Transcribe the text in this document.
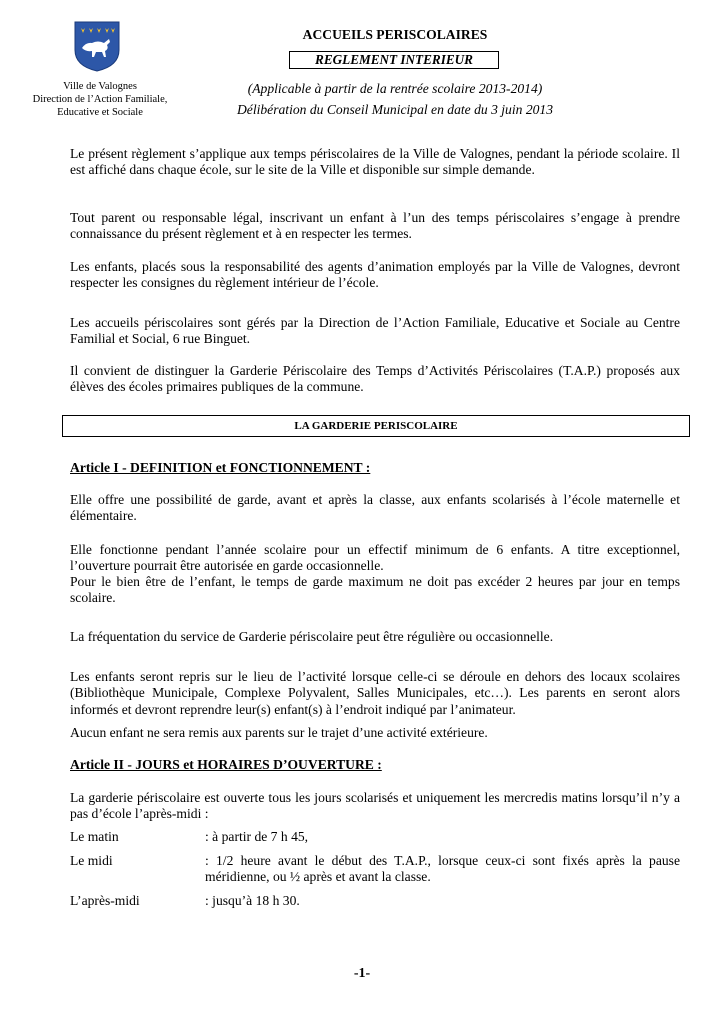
Ville de Valognes
Direction de l’Action Familiale,
Educative et Sociale
ACCUEILS PERISCOLAIRES
REGLEMENT INTERIEUR
(Applicable à partir de la rentrée scolaire 2013-2014)
Délibération du Conseil Municipal en date du 3 juin 2013

Le présent règlement s’applique aux temps périscolaires de la Ville de Valognes, pendant la période scolaire. Il est affiché dans chaque école, sur le site de la Ville et disponible sur simple demande.

Tout parent ou responsable légal, inscrivant un enfant à l’un des temps périscolaires s’engage à prendre connaissance du présent règlement et à en respecter les termes.

Les enfants, placés sous la responsabilité des agents d’animation employés par la Ville de Valognes, devront respecter les consignes du règlement intérieur de l’école.

Les accueils périscolaires sont gérés par la Direction de l’Action Familiale, Educative et Sociale au Centre Familial et Social, 6 rue Binguet.

Il convient de distinguer la Garderie Périscolaire des Temps d’Activités Périscolaires (T.A.P.) proposés aux élèves des écoles primaires publiques de la commune.

LA GARDERIE PERISCOLAIRE
Article I - DEFINITION et FONCTIONNEMENT :

Elle offre une possibilité de garde, avant et après la classe, aux enfants scolarisés à l’école maternelle et élémentaire.

Elle fonctionne pendant l’année scolaire pour un effectif minimum de 6 enfants. A titre exceptionnel, l’ouverture pourrait être autorisée en garde occasionnelle.

Pour le bien être de l’enfant, le temps de garde maximum ne doit pas excéder 2 heures par jour en temps scolaire.

La fréquentation du service de Garderie périscolaire peut être régulière ou occasionnelle.

Les enfants seront repris sur le lieu de l’activité lorsque celle-ci se déroule en dehors des locaux scolaires (Bibliothèque Municipale, Complexe Polyvalent, Salles Municipales, etc…). Les parents en seront alors informés et devront reprendre leur(s) enfant(s) à l’endroit indiqué par l’animateur.

Aucun enfant ne sera remis aux parents sur le trajet d’une activité extérieure.

Article II - JOURS et HORAIRES D’OUVERTURE :

La garderie périscolaire est ouverte tous les jours scolarisés et uniquement les mercredis matins lorsqu’il n’y a pas d’école l’après-midi :

Le matin	: à partir de 7 h 45,
Le midi	: 1/2 heure avant le début des T.A.P., lorsque ceux-ci sont fixés après la pause méridienne, ou ½ après et avant la classe.
L’après-midi	: jusqu’à 18 h 30.
-1-
